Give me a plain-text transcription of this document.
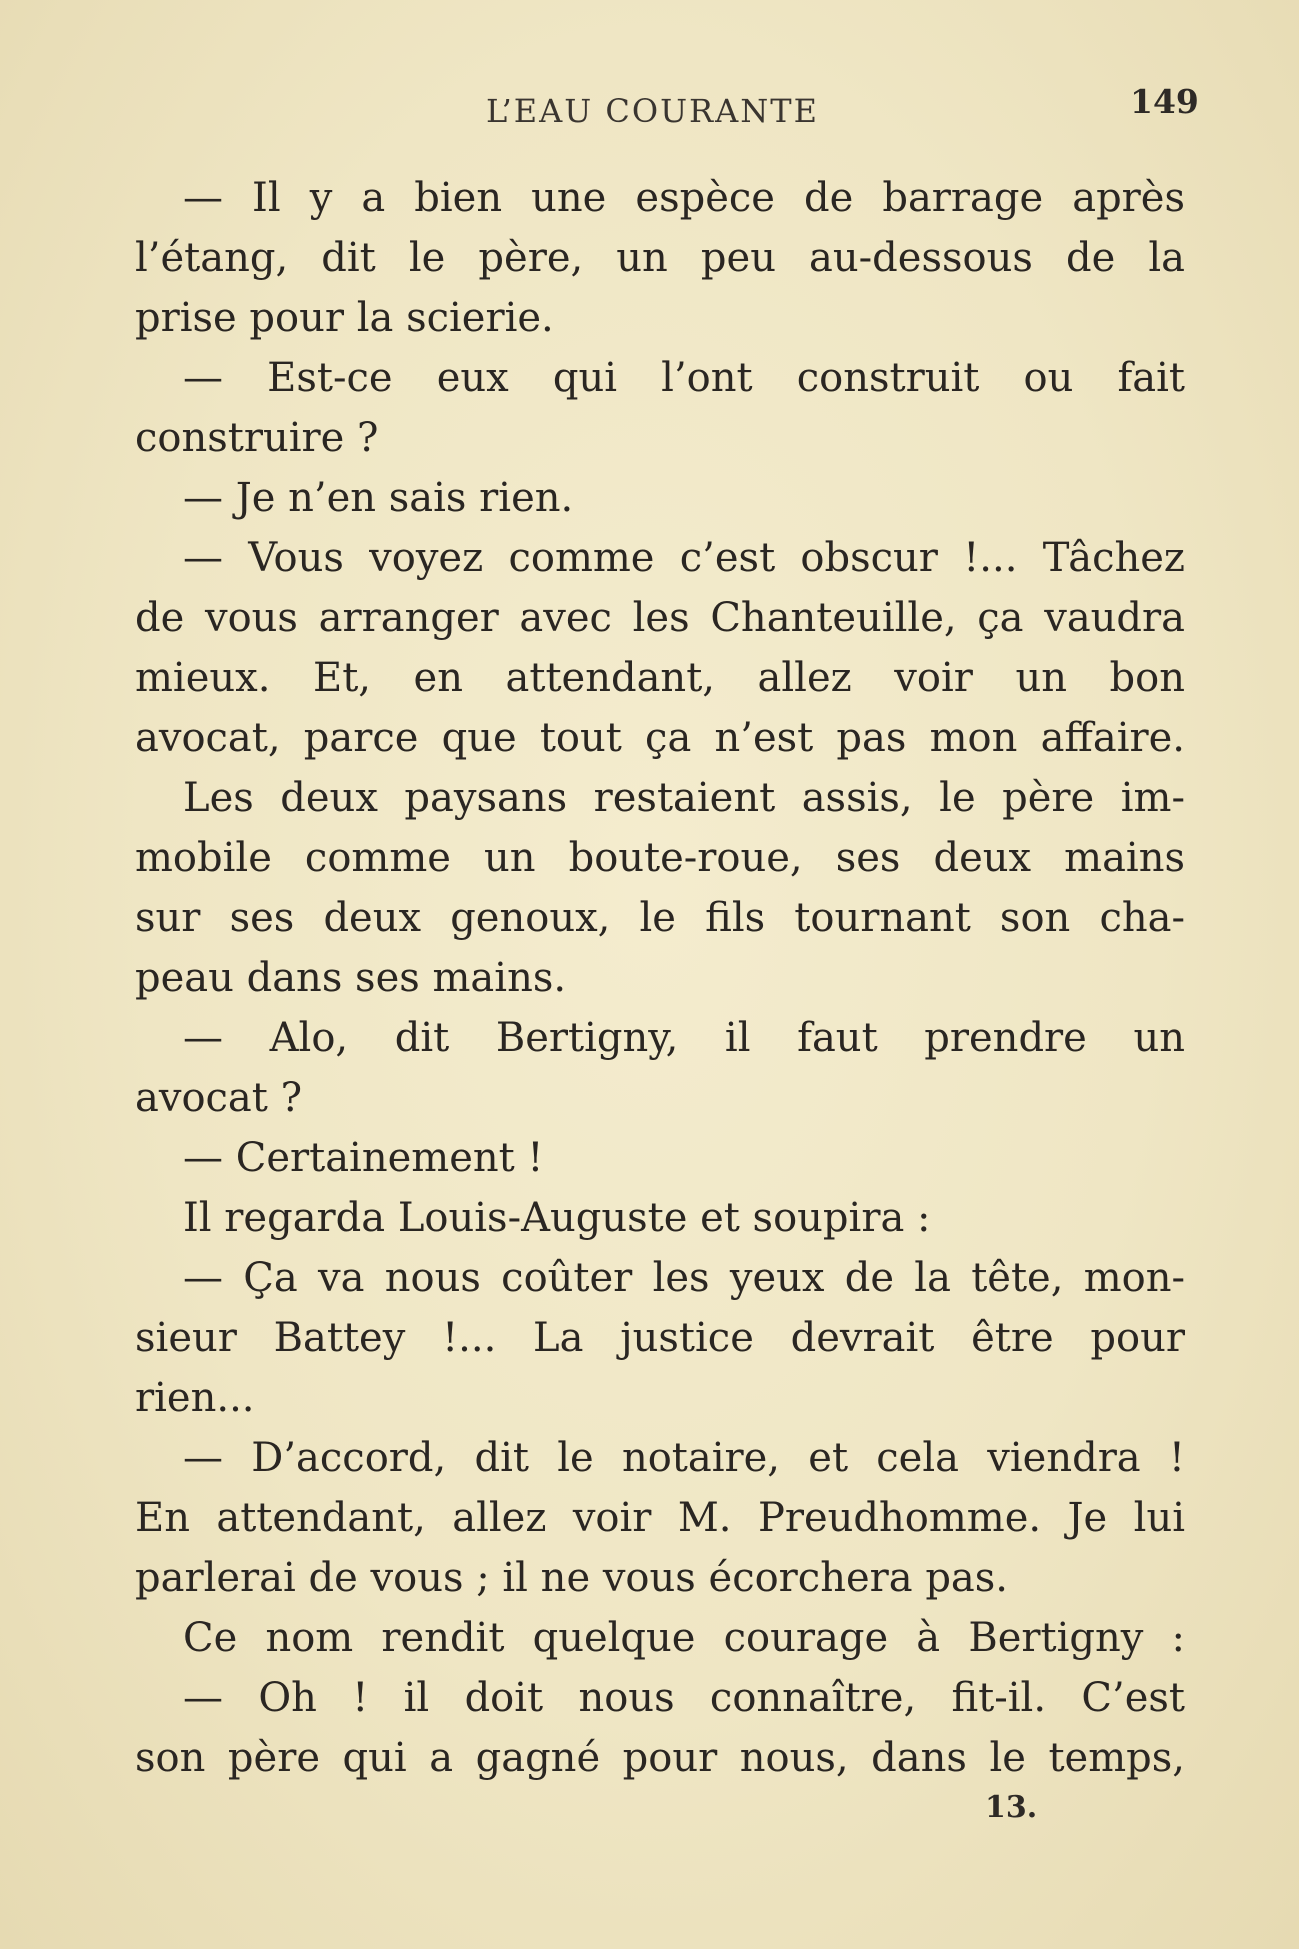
L’EAU COURANTE	149
— Il y a bien une espèce de barrage après
l’étang, dit le père, un peu au-dessous de la
prise pour la scierie.
— Est-ce eux qui l’ont construit ou fait
construire ?
— Je n’en sais rien.
— Vous voyez comme c’est obscur !... Tâchez
de vous arranger avec les Chanteuille, ça vaudra
mieux. Et, en attendant, allez voir un bon
avocat, parce que tout ça n’est pas mon affaire.
Les deux paysans restaient assis, le père im-
mobile comme un boute-roue, ses deux mains
sur ses deux genoux, le fils tournant son cha-
peau dans ses mains.
— Alo, dit Bertigny, il faut prendre un
avocat ?
— Certainement !
Il regarda Louis-Auguste et soupira :
— Ça va nous coûter les yeux de la tête, mon-
sieur Battey !... La justice devrait être pour
rien...
— D’accord, dit le notaire, et cela viendra !
En attendant, allez voir M. Preudhomme. Je lui
parlerai de vous ; il ne vous écorchera pas.
Ce nom rendit quelque courage à Bertigny :
— Oh ! il doit nous connaître, fit-il. C’est
son père qui a gagné pour nous, dans le temps,
13.
